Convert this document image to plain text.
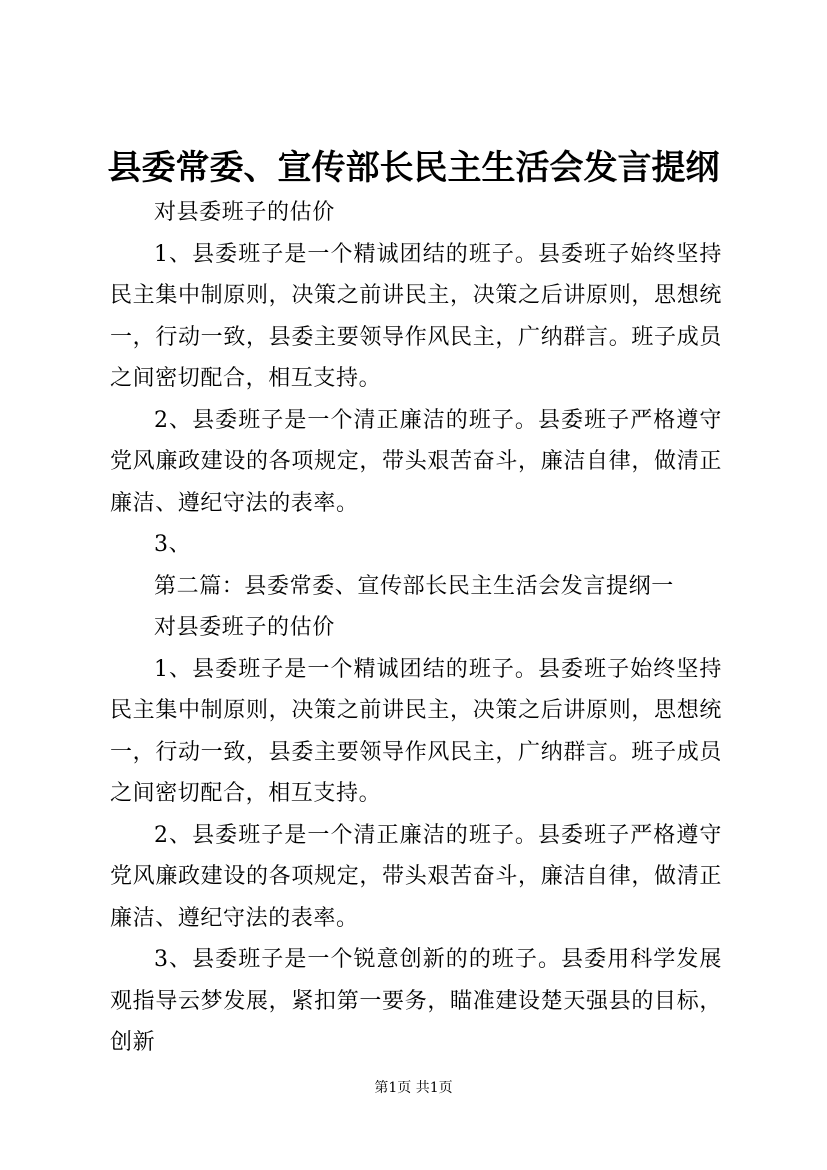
县委常委、宣传部长民主生活会发言提纲

对县委班子的估价

1、县委班子是一个精诚团结的班子。县委班子始终坚持民主集中制原则，决策之前讲民主，决策之后讲原则，思想统一，行动一致，县委主要领导作风民主，广纳群言。班子成员之间密切配合，相互支持。

2、县委班子是一个清正廉洁的班子。县委班子严格遵守党风廉政建设的各项规定，带头艰苦奋斗，廉洁自律，做清正廉洁、遵纪守法的表率。

3、

第二篇：县委常委、宣传部长民主生活会发言提纲一

对县委班子的估价

1、县委班子是一个精诚团结的班子。县委班子始终坚持民主集中制原则，决策之前讲民主，决策之后讲原则，思想统一，行动一致，县委主要领导作风民主，广纳群言。班子成员之间密切配合，相互支持。

2、县委班子是一个清正廉洁的班子。县委班子严格遵守党风廉政建设的各项规定，带头艰苦奋斗，廉洁自律，做清正廉洁、遵纪守法的表率。

3、县委班子是一个锐意创新的的班子。县委用科学发展观指导云梦发展，紧扣第一要务，瞄准建设楚天强县的目标，创新

第1页 共1页
